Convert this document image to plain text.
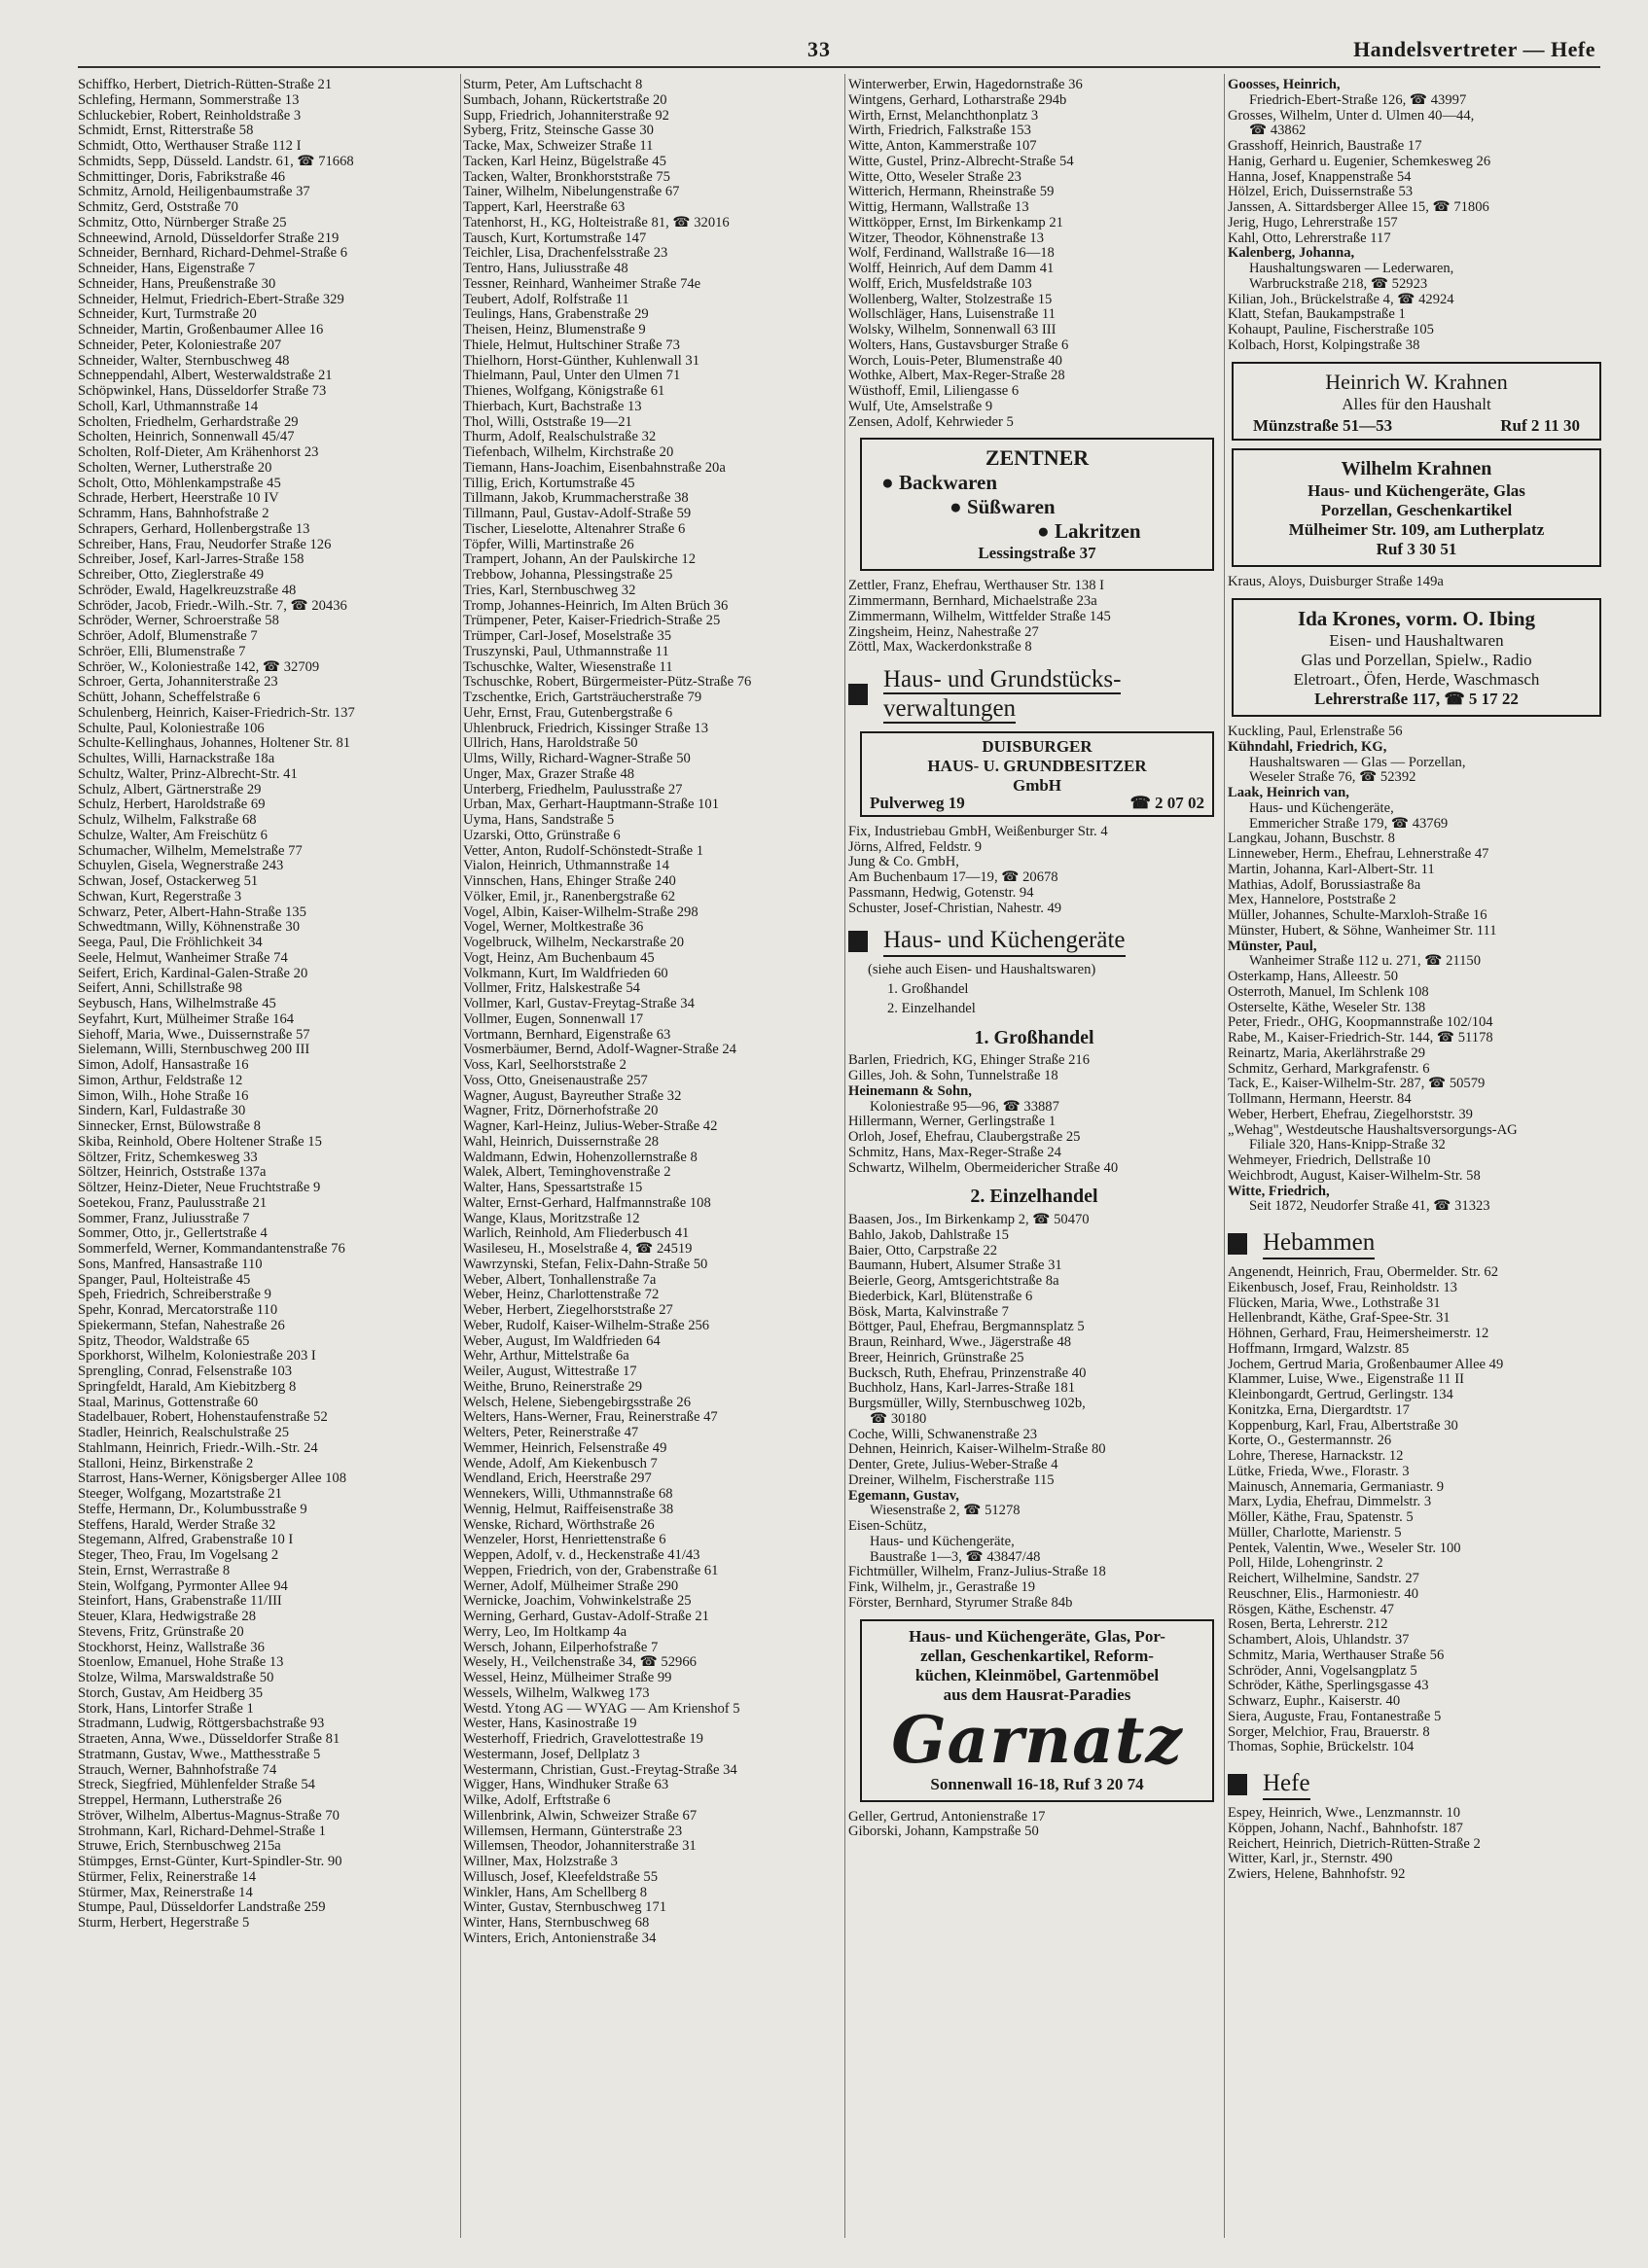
33	Handelsvertreter — Hefe
Schiffko, Herbert, Dietrich-Rütten-Straße 21
Schlefing, Hermann, Sommerstraße 13
Schluckebier, Robert, Reinholdstraße 3
Schmidt, Ernst, Ritterstraße 58
Schmidt, Otto, Werthauser Straße 112 I
Schmidts, Sepp, Düsseld. Landstr. 61, ☎ 71668
Schmittinger, Doris, Fabrikstraße 46
Schmitz, Arnold, Heiligenbaumstraße 37
Schmitz, Gerd, Oststraße 70
Schmitz, Otto, Nürnberger Straße 25
Schneewind, Arnold, Düsseldorfer Straße 219
Schneider, Bernhard, Richard-Dehmel-Straße 6
Schneider, Hans, Eigenstraße 7
Schneider, Hans, Preußenstraße 30
Schneider, Helmut, Friedrich-Ebert-Straße 329
Schneider, Kurt, Turmstraße 20
Schneider, Martin, Großenbaumer Allee 16
Schneider, Peter, Koloniestraße 207
Schneider, Walter, Sternbuschweg 48
Schneppendahl, Albert, Westerwaldstraße 21
Schöpwinkel, Hans, Düsseldorfer Straße 73
Scholl, Karl, Uthmannstraße 14
Scholten, Friedhelm, Gerhardstraße 29
Scholten, Heinrich, Sonnenwall 45/47
Scholten, Rolf-Dieter, Am Krähenhorst 23
Scholten, Werner, Lutherstraße 20
Scholt, Otto, Möhlenkampstraße 45
Schrade, Herbert, Heerstraße 10 IV
Schramm, Hans, Bahnhofstraße 2
Schrapers, Gerhard, Hollenbergstraße 13
Schreiber, Hans, Frau, Neudorfer Straße 126
Schreiber, Josef, Karl-Jarres-Straße 158
Schreiber, Otto, Zieglerstraße 49
Schröder, Ewald, Hagelkreuzstraße 48
Schröder, Jacob, Friedr.-Wilh.-Str. 7, ☎ 20436
Schröder, Werner, Schroerstraße 58
Schröer, Adolf, Blumenstraße 7
Schröer, Elli, Blumenstraße 7
Schröer, W., Koloniestraße 142, ☎ 32709
Schroer, Gerta, Johanniterstraße 23
Schütt, Johann, Scheffelstraße 6
Schulenberg, Heinrich, Kaiser-Friedrich-Str. 137
Schulte, Paul, Koloniestraße 106
Schulte-Kellinghaus, Johannes, Holtener Str. 81
Schultes, Willi, Harnackstraße 18a
Schultz, Walter, Prinz-Albrecht-Str. 41
Schulz, Albert, Gärtnerstraße 29
Schulz, Herbert, Haroldstraße 69
Schulz, Wilhelm, Falkstraße 68
Schulze, Walter, Am Freischütz 6
Schumacher, Wilhelm, Memelstraße 77
Schuylen, Gisela, Wegnerstraße 243
Schwan, Josef, Ostackerweg 51
Schwan, Kurt, Regerstraße 3
Schwarz, Peter, Albert-Hahn-Straße 135
Schwedtmann, Willy, Köhnenstraße 30
Seega, Paul, Die Fröhlichkeit 34
Seele, Helmut, Wanheimer Straße 74
Seifert, Erich, Kardinal-Galen-Straße 20
Seifert, Anni, Schillstraße 98
Seybusch, Hans, Wilhelmstraße 45
Seyfahrt, Kurt, Mülheimer Straße 164
Siehoff, Maria, Wwe., Duissernstraße 57
Sielemann, Willi, Sternbuschweg 200 III
Simon, Adolf, Hansastraße 16
Simon, Arthur, Feldstraße 12
Simon, Wilh., Hohe Straße 16
Sindern, Karl, Fuldastraße 30
Sinnecker, Ernst, Bülowstraße 8
Skiba, Reinhold, Obere Holtener Straße 15
Söltzer, Fritz, Schemkesweg 33
Söltzer, Heinrich, Oststraße 137a
Söltzer, Heinz-Dieter, Neue Fruchtstraße 9
Soetekou, Franz, Paulusstraße 21
Sommer, Franz, Juliusstraße 7
Sommer, Otto, jr., Gellertstraße 4
Sommerfeld, Werner, Kommandantenstraße 76
Sons, Manfred, Hansastraße 110
Spanger, Paul, Holteistraße 45
Speh, Friedrich, Schreiberstraße 9
Spehr, Konrad, Mercatorstraße 110
Spiekermann, Stefan, Nahestraße 26
Spitz, Theodor, Waldstraße 65
Sporkhorst, Wilhelm, Koloniestraße 203 I
Sprengling, Conrad, Felsenstraße 103
Springfeldt, Harald, Am Kiebitzberg 8
Staal, Marinus, Gottenstraße 60
Stadelbauer, Robert, Hohenstaufenstraße 52
Stadler, Heinrich, Realschulstraße 25
Stahlmann, Heinrich, Friedr.-Wilh.-Str. 24
Stalloni, Heinz, Birkenstraße 2
Starrost, Hans-Werner, Königsberger Allee 108
Steeger, Wolfgang, Mozartstraße 21
Steffe, Hermann, Dr., Kolumbusstraße 9
Steffens, Harald, Werder Straße 32
Stegemann, Alfred, Grabenstraße 10 I
Steger, Theo, Frau, Im Vogelsang 2
Stein, Ernst, Werrastraße 8
Stein, Wolfgang, Pyrmonter Allee 94
Steinfort, Hans, Grabenstraße 11/III
Steuer, Klara, Hedwigstraße 28
Stevens, Fritz, Grünstraße 20
Stockhorst, Heinz, Wallstraße 36
Stoenlow, Emanuel, Hohe Straße 13
Stolze, Wilma, Marswaldstraße 50
Storch, Gustav, Am Heidberg 35
Stork, Hans, Lintorfer Straße 1
Stradmann, Ludwig, Röttgersbachstraße 93
Straeten, Anna, Wwe., Düsseldorfer Straße 81
Stratmann, Gustav, Wwe., Matthesstraße 5
Strauch, Werner, Bahnhofstraße 74
Streck, Siegfried, Mühlenfelder Straße 54
Streppel, Hermann, Lutherstraße 26
Ströver, Wilhelm, Albertus-Magnus-Straße 70
Strohmann, Karl, Richard-Dehmel-Straße 1
Struwe, Erich, Sternbuschweg 215a
Stümpges, Ernst-Günter, Kurt-Spindler-Str. 90
Stürmer, Felix, Reinerstraße 14
Stürmer, Max, Reinerstraße 14
Stumpe, Paul, Düsseldorfer Landstraße 259
Sturm, Herbert, Hegerstraße 5
Sturm, Peter, Am Luftschacht 8
Sumbach, Johann, Rückertstraße 20
Supp, Friedrich, Johanniterstraße 92
Syberg, Fritz, Steinsche Gasse 30
Tacke, Max, Schweizer Straße 11
Tacken, Karl Heinz, Bügelstraße 45
Tacken, Walter, Bronkhorststraße 75
Tainer, Wilhelm, Nibelungenstraße 67
Tappert, Karl, Heerstraße 63
Tatenhorst, H., KG, Holteistraße 81, ☎ 32016
Tausch, Kurt, Kortumstraße 147
Teichler, Lisa, Drachenfelsstraße 23
Tentro, Hans, Juliusstraße 48
Tessner, Reinhard, Wanheimer Straße 74e
Teubert, Adolf, Rolfstraße 11
Teulings, Hans, Grabenstraße 29
Theisen, Heinz, Blumenstraße 9
Thiele, Helmut, Hultschiner Straße 73
Thielhorn, Horst-Günther, Kuhlenwall 31
Thielmann, Paul, Unter den Ulmen 71
Thienes, Wolfgang, Königstraße 61
Thierbach, Kurt, Bachstraße 13
Thol, Willi, Oststraße 19—21
Thurm, Adolf, Realschulstraße 32
Tiefenbach, Wilhelm, Kirchstraße 20
Tiemann, Hans-Joachim, Eisenbahnstraße 20a
Tillig, Erich, Kortumstraße 45
Tillmann, Jakob, Krummacherstraße 38
Tillmann, Paul, Gustav-Adolf-Straße 59
Tischer, Lieselotte, Altenahrer Straße 6
Töpfer, Willi, Martinstraße 26
Trampert, Johann, An der Paulskirche 12
Trebbow, Johanna, Plessingstraße 25
Tries, Karl, Sternbuschweg 32
Tromp, Johannes-Heinrich, Im Alten Brüch 36
Trümpener, Peter, Kaiser-Friedrich-Straße 25
Trümper, Carl-Josef, Moselstraße 35
Truszynski, Paul, Uthmannstraße 11
Tschuschke, Walter, Wiesenstraße 11
Tschuschke, Robert, Bürgermeister-Pütz-Straße 76
Tzschentke, Erich, Gartsträucherstraße 79
Uehr, Ernst, Frau, Gutenbergstraße 6
Uhlenbruck, Friedrich, Kissinger Straße 13
Ullrich, Hans, Haroldstraße 50
Ulms, Willy, Richard-Wagner-Straße 50
Unger, Max, Grazer Straße 48
Unterberg, Friedhelm, Paulusstraße 27
Urban, Max, Gerhart-Hauptmann-Straße 101
Uyma, Hans, Sandstraße 5
Uzarski, Otto, Grünstraße 6
Vetter, Anton, Rudolf-Schönstedt-Straße 1
Vialon, Heinrich, Uthmannstraße 14
Vinnschen, Hans, Ehinger Straße 240
Völker, Emil, jr., Ranenbergstraße 62
Vogel, Albin, Kaiser-Wilhelm-Straße 298
Vogel, Werner, Moltkestraße 36
Vogelbruck, Wilhelm, Neckarstraße 20
Vogt, Heinz, Am Buchenbaum 45
Volkmann, Kurt, Im Waldfrieden 60
Vollmer, Fritz, Halskestraße 54
Vollmer, Karl, Gustav-Freytag-Straße 34
Vollmer, Eugen, Sonnenwall 17
Vortmann, Bernhard, Eigenstraße 63
Vosmerbäumer, Bernd, Adolf-Wagner-Straße 24
Voss, Karl, Seelhorststraße 2
Voss, Otto, Gneisenaustraße 257
Wagner, August, Bayreuther Straße 32
Wagner, Fritz, Dörnerhofstraße 20
Wagner, Karl-Heinz, Julius-Weber-Straße 42
Wahl, Heinrich, Duissernstraße 28
Waldmann, Edwin, Hohenzollernstraße 8
Walek, Albert, Teminghovenstraße 2
Walter, Hans, Spessartstraße 15
Walter, Ernst-Gerhard, Halfmannstraße 108
Wange, Klaus, Moritzstraße 12
Warlich, Reinhold, Am Fliederbusch 41
Wasileseu, H., Moselstraße 4, ☎ 24519
Wawrzynski, Stefan, Felix-Dahn-Straße 50
Weber, Albert, Tonhallenstraße 7a
Weber, Heinz, Charlottenstraße 72
Weber, Herbert, Ziegelhorststraße 27
Weber, Rudolf, Kaiser-Wilhelm-Straße 256
Weber, August, Im Waldfrieden 64
Wehr, Arthur, Mittelstraße 6a
Weiler, August, Wittestraße 17
Weithe, Bruno, Reinerstraße 29
Welsch, Helene, Siebengebirgsstraße 26
Welters, Hans-Werner, Frau, Reinerstraße 47
Welters, Peter, Reinerstraße 47
Wemmer, Heinrich, Felsenstraße 49
Wende, Adolf, Am Kiekenbusch 7
Wendland, Erich, Heerstraße 297
Wennekers, Willi, Uthmannstraße 68
Wennig, Helmut, Raiffeisenstraße 38
Wenske, Richard, Wörthstraße 26
Wenzeler, Horst, Henriettenstraße 6
Weppen, Adolf, v. d., Heckenstraße 41/43
Weppen, Friedrich, von der, Grabenstraße 61
Werner, Adolf, Mülheimer Straße 290
Wernicke, Joachim, Vohwinkelstraße 25
Werning, Gerhard, Gustav-Adolf-Straße 21
Werry, Leo, Im Holtkamp 4a
Wersch, Johann, Eilperhofstraße 7
Wesely, H., Veilchenstraße 34, ☎ 52966
Wessel, Heinz, Mülheimer Straße 99
Wessels, Wilhelm, Walkweg 173
Westd. Ytong AG — WYAG — Am Krienshof 5
Wester, Hans, Kasinostraße 19
Westerhoff, Friedrich, Gravelottestraße 19
Westermann, Josef, Dellplatz 3
Westermann, Christian, Gust.-Freytag-Straße 34
Wigger, Hans, Windhuker Straße 63
Wilke, Adolf, Erftstraße 6
Willenbrink, Alwin, Schweizer Straße 67
Willemsen, Hermann, Günterstraße 23
Willemsen, Theodor, Johanniterstraße 31
Willner, Max, Holzstraße 3
Willusch, Josef, Kleefeldstraße 55
Winkler, Hans, Am Schellberg 8
Winter, Gustav, Sternbuschweg 171
Winter, Hans, Sternbuschweg 68
Winters, Erich, Antonienstraße 34
Winterwerber, Erwin, Hagedornstraße 36
Wintgens, Gerhard, Lotharstraße 294b
Wirth, Ernst, Melanchthonplatz 3
Wirth, Friedrich, Falkstraße 153
Witte, Anton, Kammerstraße 107
Witte, Gustel, Prinz-Albrecht-Straße 54
Witte, Otto, Weseler Straße 23
Witterich, Hermann, Rheinstraße 59
Wittig, Hermann, Wallstraße 13
Wittköpper, Ernst, Im Birkenkamp 21
Witzer, Theodor, Köhnenstraße 13
Wolf, Ferdinand, Wallstraße 16—18
Wolff, Heinrich, Auf dem Damm 41
Wolff, Erich, Musfeldstraße 103
Wollenberg, Walter, Stolzestraße 15
Wollschläger, Hans, Luisenstraße 11
Wolsky, Wilhelm, Sonnenwall 63 III
Wolters, Hans, Gustavsburger Straße 6
Worch, Louis-Peter, Blumenstraße 40
Wothke, Albert, Max-Reger-Straße 28
Wüsthoff, Emil, Liliengasse 6
Wulf, Ute, Amselstraße 9
Zensen, Adolf, Kehrwieder 5
ZENTNER
● Backwaren
● Süßwaren
● Lakritzen
Lessingstraße 37
Zettler, Franz, Ehefrau, Werthauser Str. 138 I
Zimmermann, Bernhard, Michaelstraße 23a
Zimmermann, Wilhelm, Wittfelder Straße 145
Zingsheim, Heinz, Nahestraße 27
Zöttl, Max, Wackerdonkstraße 8
Haus- und Grundstücks-
verwaltungen
DUISBURGER
HAUS- U. GRUNDBESITZER
GmbH
Pulverweg 19	☎ 2 07 02
Fix, Industriebau GmbH, Weißenburger Str. 4
Jörns, Alfred, Feldstr. 9
Jung & Co. GmbH,
Am Buchenbaum 17—19, ☎ 20678
Passmann, Hedwig, Gotenstr. 94
Schuster, Josef-Christian, Nahestr. 49
Haus- und Küchengeräte
(siehe auch Eisen- und Haushaltswaren)
1. Großhandel
2. Einzelhandel
1. Großhandel
Barlen, Friedrich, KG, Ehinger Straße 216
Gilles, Joh. & Sohn, Tunnelstraße 18
Heinemann & Sohn,
Koloniestraße 95—96, ☎ 33887
Hillermann, Werner, Gerlingstraße 1
Orloh, Josef, Ehefrau, Claubergstraße 25
Schmitz, Hans, Max-Reger-Straße 24
Schwartz, Wilhelm, Obermeidericher Straße 40
2. Einzelhandel
Baasen, Jos., Im Birkenkamp 2, ☎ 50470
Bahlo, Jakob, Dahlstraße 15
Baier, Otto, Carpstraße 22
Baumann, Hubert, Alsumer Straße 31
Beierle, Georg, Amtsgerichtstraße 8a
Biederbick, Karl, Blütenstraße 6
Bösk, Marta, Kalvinstraße 7
Böttger, Paul, Ehefrau, Bergmannsplatz 5
Braun, Reinhard, Wwe., Jägerstraße 48
Breer, Heinrich, Grünstraße 25
Bucksch, Ruth, Ehefrau, Prinzenstraße 40
Buchholz, Hans, Karl-Jarres-Straße 181
Burgsmüller, Willy, Sternbuschweg 102b,
☎ 30180
Coche, Willi, Schwanenstraße 23
Dehnen, Heinrich, Kaiser-Wilhelm-Straße 80
Denter, Grete, Julius-Weber-Straße 4
Dreiner, Wilhelm, Fischerstraße 115
Egemann, Gustav,
Wiesenstraße 2, ☎ 51278
Eisen-Schütz,
Haus- und Küchengeräte,
Baustraße 1—3, ☎ 43847/48
Fichtmüller, Wilhelm, Franz-Julius-Straße 18
Fink, Wilhelm, jr., Gerastraße 19
Förster, Bernhard, Styrumer Straße 84b
Haus- und Küchengeräte, Glas, Por-
zellan, Geschenkartikel, Reform-
küchen, Kleinmöbel, Gartenmöbel
aus dem Hausrat-Paradies
Garnatz
Sonnenwall 16-18, Ruf 3 20 74
Geller, Gertrud, Antonienstraße 17
Giborski, Johann, Kampstraße 50
Goosses, Heinrich,
Friedrich-Ebert-Straße 126, ☎ 43997
Grosses, Wilhelm, Unter d. Ulmen 40—44,
☎ 43862
Grasshoff, Heinrich, Baustraße 17
Hanig, Gerhard u. Eugenier, Schemkesweg 26
Hanna, Josef, Knappenstraße 54
Hölzel, Erich, Duissernstraße 53
Janssen, A. Sittardsberger Allee 15, ☎ 71806
Jerig, Hugo, Lehrerstraße 157
Kahl, Otto, Lehrerstraße 117
Kalenberg, Johanna,
Haushaltungswaren — Lederwaren,
Warbruckstraße 218, ☎ 52923
Kilian, Joh., Brückelstraße 4, ☎ 42924
Klatt, Stefan, Baukampstraße 1
Kohaupt, Pauline, Fischerstraße 105
Kolbach, Horst, Kolpingstraße 38
Heinrich W. Krahnen
Alles für den Haushalt
Münzstraße 51—53	Ruf 2 11 30
Wilhelm Krahnen
Haus- und Küchengeräte, Glas
Porzellan, Geschenkartikel
Mülheimer Str. 109, am Lutherplatz
Ruf 3 30 51
Kraus, Aloys, Duisburger Straße 149a
Ida Krones, vorm. O. Ibing
Eisen- und Haushaltwaren
Glas und Porzellan, Spielw., Radio
Eletroart., Öfen, Herde, Waschmasch
Lehrerstraße 117, ☎ 5 17 22
Kuckling, Paul, Erlenstraße 56
Kühndahl, Friedrich, KG,
Haushaltswaren — Glas — Porzellan,
Weseler Straße 76, ☎ 52392
Laak, Heinrich van,
Haus- und Küchengeräte,
Emmericher Straße 179, ☎ 43769
Langkau, Johann, Buschstr. 8
Linneweber, Herm., Ehefrau, Lehnerstraße 47
Martin, Johanna, Karl-Albert-Str. 11
Mathias, Adolf, Borussiastraße 8a
Mex, Hannelore, Poststraße 2
Müller, Johannes, Schulte-Marxloh-Straße 16
Münster, Hubert, & Söhne, Wanheimer Str. 111
Münster, Paul,
Wanheimer Straße 112 u. 271, ☎ 21150
Osterkamp, Hans, Alleestr. 50
Osterroth, Manuel, Im Schlenk 108
Osterselte, Käthe, Weseler Str. 138
Peter, Friedr., OHG, Koopmannstraße 102/104
Rabe, M., Kaiser-Friedrich-Str. 144, ☎ 51178
Reinartz, Maria, Akerlährstraße 29
Schmitz, Gerhard, Markgrafenstr. 6
Tack, E., Kaiser-Wilhelm-Str. 287, ☎ 50579
Tollmann, Hermann, Heerstr. 84
Weber, Herbert, Ehefrau, Ziegelhorststr. 39
„Wehag", Westdeutsche Haushaltsversorgungs-AG
Filiale 320, Hans-Knipp-Straße 32
Wehmeyer, Friedrich, Dellstraße 10
Weichbrodt, August, Kaiser-Wilhelm-Str. 58
Witte, Friedrich,
Seit 1872, Neudorfer Straße 41, ☎ 31323
Hebammen
Angenendt, Heinrich, Frau, Obermelder. Str. 62
Eikenbusch, Josef, Frau, Reinholdstr. 13
Flücken, Maria, Wwe., Lothstraße 31
Hellenbrandt, Käthe, Graf-Spee-Str. 31
Höhnen, Gerhard, Frau, Heimersheimerstr. 12
Hoffmann, Irmgard, Walzstr. 85
Jochem, Gertrud Maria, Großenbaumer Allee 49
Klammer, Luise, Wwe., Eigenstraße 11 II
Kleinbongardt, Gertrud, Gerlingstr. 134
Konitzka, Erna, Diergardtstr. 17
Koppenburg, Karl, Frau, Albertstraße 30
Korte, O., Gestermannstr. 26
Lohre, Therese, Harnackstr. 12
Lütke, Frieda, Wwe., Florastr. 3
Mainusch, Annemaria, Germaniastr. 9
Marx, Lydia, Ehefrau, Dimmelstr. 3
Möller, Käthe, Frau, Spatenstr. 5
Müller, Charlotte, Marienstr. 5
Pentek, Valentin, Wwe., Weseler Str. 100
Poll, Hilde, Lohengrinstr. 2
Reichert, Wilhelmine, Sandstr. 27
Reuschner, Elis., Harmoniestr. 40
Rösgen, Käthe, Eschenstr. 47
Rosen, Berta, Lehrerstr. 212
Schambert, Alois, Uhlandstr. 37
Schmitz, Maria, Werthauser Straße 56
Schröder, Anni, Vogelsangplatz 5
Schröder, Käthe, Sperlingsgasse 43
Schwarz, Euphr., Kaiserstr. 40
Siera, Auguste, Frau, Fontanestraße 5
Sorger, Melchior, Frau, Brauerstr. 8
Thomas, Sophie, Brückelstr. 104
Hefe
Espey, Heinrich, Wwe., Lenzmannstr. 10
Köppen, Johann, Nachf., Bahnhofstr. 187
Reichert, Heinrich, Dietrich-Rütten-Straße 2
Witter, Karl, jr., Sternstr. 490
Zwiers, Helene, Bahnhofstr. 92
